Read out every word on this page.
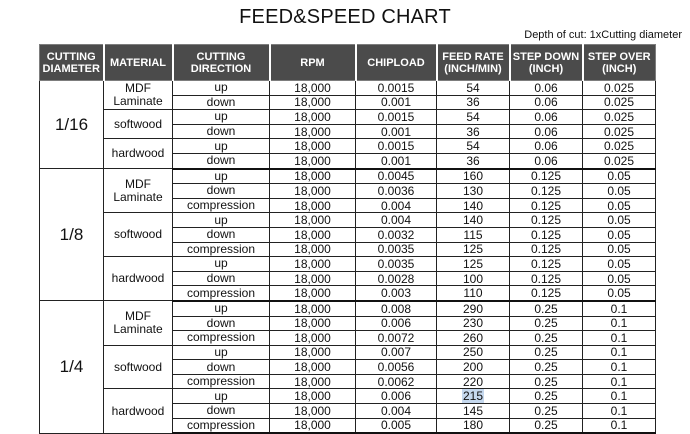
FEED&SPEED CHART
Depth of cut: 1xCutting diameter
CUTTING DIAMETER	MATERIAL	CUTTING DIRECTION	RPM	CHIPLOAD	FEED RATE (INCH/MIN)	STEP DOWN (INCH)	STEP OVER (INCH)
1/16	MDF Laminate	up	18,000	0.0015	54	0.06	0.025
		down	18,000	0.001	36	0.06	0.025
	softwood	up	18,000	0.0015	54	0.06	0.025
		down	18,000	0.001	36	0.06	0.025
	hardwood	up	18,000	0.0015	54	0.06	0.025
		down	18,000	0.001	36	0.06	0.025
1/8	MDF Laminate	up	18,000	0.0045	160	0.125	0.05
		down	18,000	0.0036	130	0.125	0.05
		compression	18,000	0.004	140	0.125	0.05
	softwood	up	18,000	0.004	140	0.125	0.05
		down	18,000	0.0032	115	0.125	0.05
		compression	18,000	0.0035	125	0.125	0.05
	hardwood	up	18,000	0.0035	125	0.125	0.05
		down	18,000	0.0028	100	0.125	0.05
		compression	18,000	0.003	110	0.125	0.05
1/4	MDF Laminate	up	18,000	0.008	290	0.25	0.1
		down	18,000	0.006	230	0.25	0.1
		compression	18,000	0.0072	260	0.25	0.1
	softwood	up	18,000	0.007	250	0.25	0.1
		down	18,000	0.0056	200	0.25	0.1
		compression	18,000	0.0062	220	0.25	0.1
	hardwood	up	18,000	0.006	215	0.25	0.1
		down	18,000	0.004	145	0.25	0.1
		compression	18,000	0.005	180	0.25	0.1
